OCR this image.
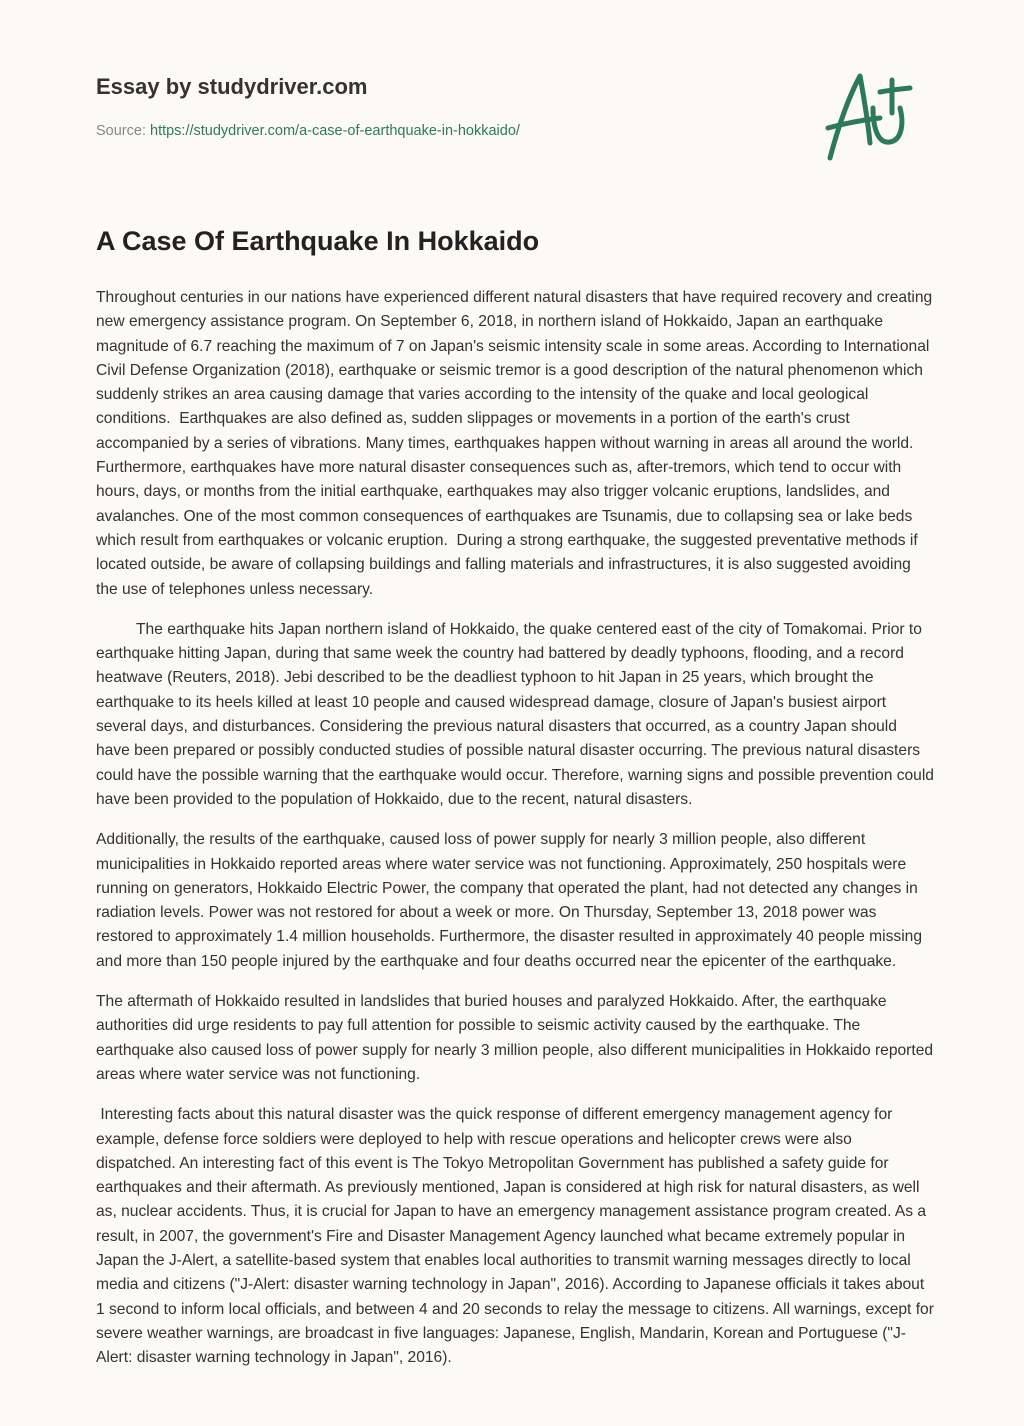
Essay by studydriver.com
Source: https://studydriver.com/a-case-of-earthquake-in-hokkaido/
A Case Of Earthquake In Hokkaido

Throughout centuries in our nations have experienced different natural disasters that have required recovery and creating new emergency assistance program. On September 6, 2018, in northern island of Hokkaido, Japan an earthquake magnitude of 6.7 reaching the maximum of 7 on Japan's seismic intensity scale in some areas. According to International Civil Defense Organization (2018), earthquake or seismic tremor is a good description of the natural phenomenon which suddenly strikes an area causing damage that varies according to the intensity of the quake and local geological conditions.  Earthquakes are also defined as, sudden slippages or movements in a portion of the earth's crust accompanied by a series of vibrations. Many times, earthquakes happen without warning in areas all around the world. Furthermore, earthquakes have more natural disaster consequences such as, after-tremors, which tend to occur with hours, days, or months from the initial earthquake, earthquakes may also trigger volcanic eruptions, landslides, and avalanches. One of the most common consequences of earthquakes are Tsunamis, due to collapsing sea or lake beds which result from earthquakes or volcanic eruption.  During a strong earthquake, the suggested preventative methods if located outside, be aware of collapsing buildings and falling materials and infrastructures, it is also suggested avoiding the use of telephones unless necessary.

The earthquake hits Japan northern island of Hokkaido, the quake centered east of the city of Tomakomai. Prior to earthquake hitting Japan, during that same week the country had battered by deadly typhoons, flooding, and a record heatwave (Reuters, 2018). Jebi described to be the deadliest typhoon to hit Japan in 25 years, which brought the earthquake to its heels killed at least 10 people and caused widespread damage, closure of Japan's busiest airport several days, and disturbances. Considering the previous natural disasters that occurred, as a country Japan should have been prepared or possibly conducted studies of possible natural disaster occurring. The previous natural disasters could have the possible warning that the earthquake would occur. Therefore, warning signs and possible prevention could have been provided to the population of Hokkaido, due to the recent, natural disasters.

Additionally, the results of the earthquake, caused loss of power supply for nearly 3 million people, also different municipalities in Hokkaido reported areas where water service was not functioning. Approximately, 250 hospitals were running on generators, Hokkaido Electric Power, the company that operated the plant, had not detected any changes in radiation levels. Power was not restored for about a week or more. On Thursday, September 13, 2018 power was restored to approximately 1.4 million households. Furthermore, the disaster resulted in approximately 40 people missing and more than 150 people injured by the earthquake and four deaths occurred near the epicenter of the earthquake.

The aftermath of Hokkaido resulted in landslides that buried houses and paralyzed Hokkaido. After, the earthquake authorities did urge residents to pay full attention for possible to seismic activity caused by the earthquake. The earthquake also caused loss of power supply for nearly 3 million people, also different municipalities in Hokkaido reported areas where water service was not functioning.

Interesting facts about this natural disaster was the quick response of different emergency management agency for example, defense force soldiers were deployed to help with rescue operations and helicopter crews were also dispatched. An interesting fact of this event is The Tokyo Metropolitan Government has published a safety guide for earthquakes and their aftermath. As previously mentioned, Japan is considered at high risk for natural disasters, as well as, nuclear accidents. Thus, it is crucial for Japan to have an emergency management assistance program created. As a result, in 2007, the government's Fire and Disaster Management Agency launched what became extremely popular in Japan the J-Alert, a satellite-based system that enables local authorities to transmit warning messages directly to local media and citizens ("J-Alert: disaster warning technology in Japan", 2016). According to Japanese officials it takes about 1 second to inform local officials, and between 4 and 20 seconds to relay the message to citizens. All warnings, except for severe weather warnings, are broadcast in five languages: Japanese, English, Mandarin, Korean and Portuguese ("J-Alert: disaster warning technology in Japan", 2016).
